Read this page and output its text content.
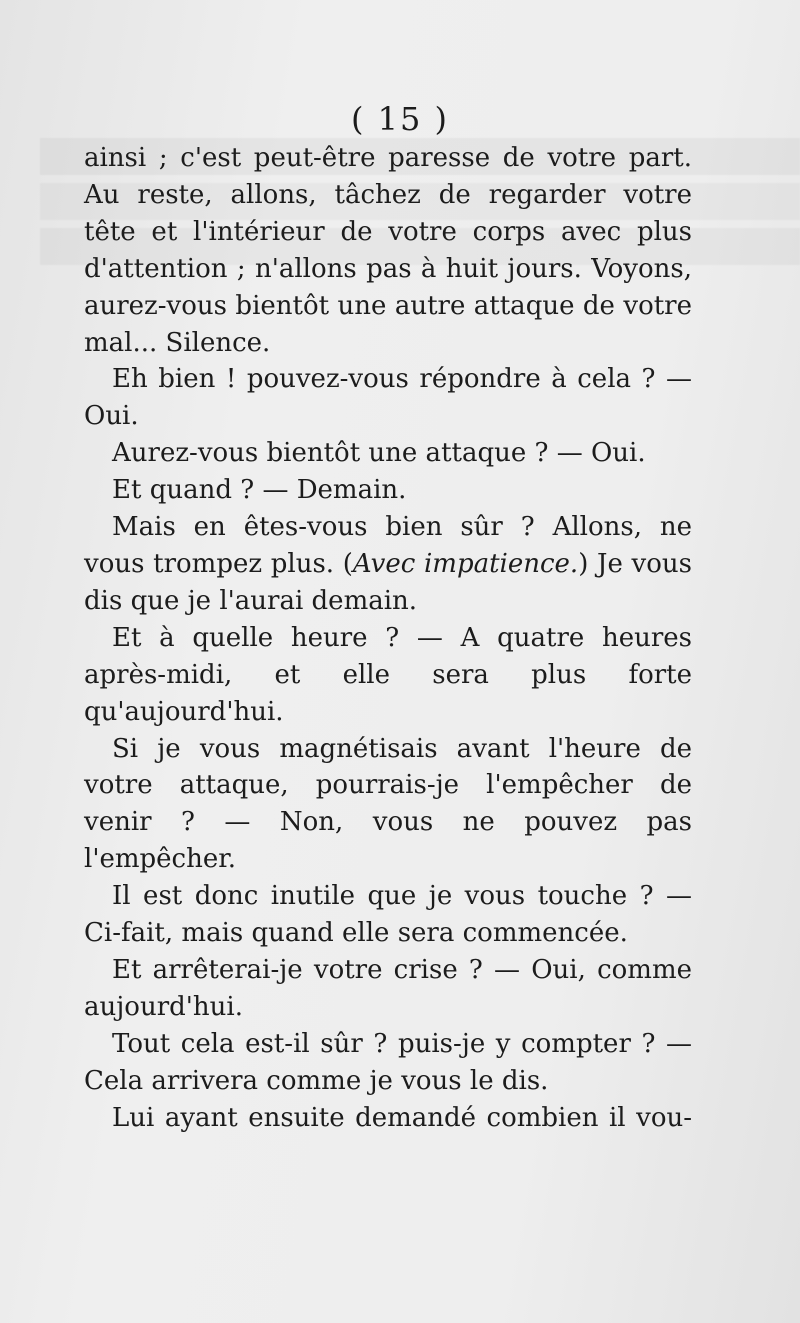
( 15 )

ainsi ; c'est peut-être paresse de votre part. Au reste, allons, tâchez de regarder votre tête et l'intérieur de votre corps avec plus d'attention ; n'allons pas à huit jours. Voyons, aurez-vous bientôt une autre attaque de votre mal... Silence.

Eh bien ! pouvez-vous répondre à cela ? — Oui.

Aurez-vous bientôt une attaque ? — Oui.

Et quand ? — Demain.

Mais en êtes-vous bien sûr ? Allons, ne vous trompez plus. (Avec impatience.) Je vous dis que je l'aurai demain.

Et à quelle heure ? — A quatre heures après-midi, et elle sera plus forte qu'aujourd'hui.

Si je vous magnétisais avant l'heure de votre attaque, pourrais-je l'empêcher de venir ? — Non, vous ne pouvez pas l'empêcher.

Il est donc inutile que je vous touche ? — Ci-fait, mais quand elle sera commencée.

Et arrêterai-je votre crise ? — Oui, comme aujourd'hui.

Tout cela est-il sûr ? puis-je y compter ? — Cela arrivera comme je vous le dis.

Lui ayant ensuite demandé combien il vou-
